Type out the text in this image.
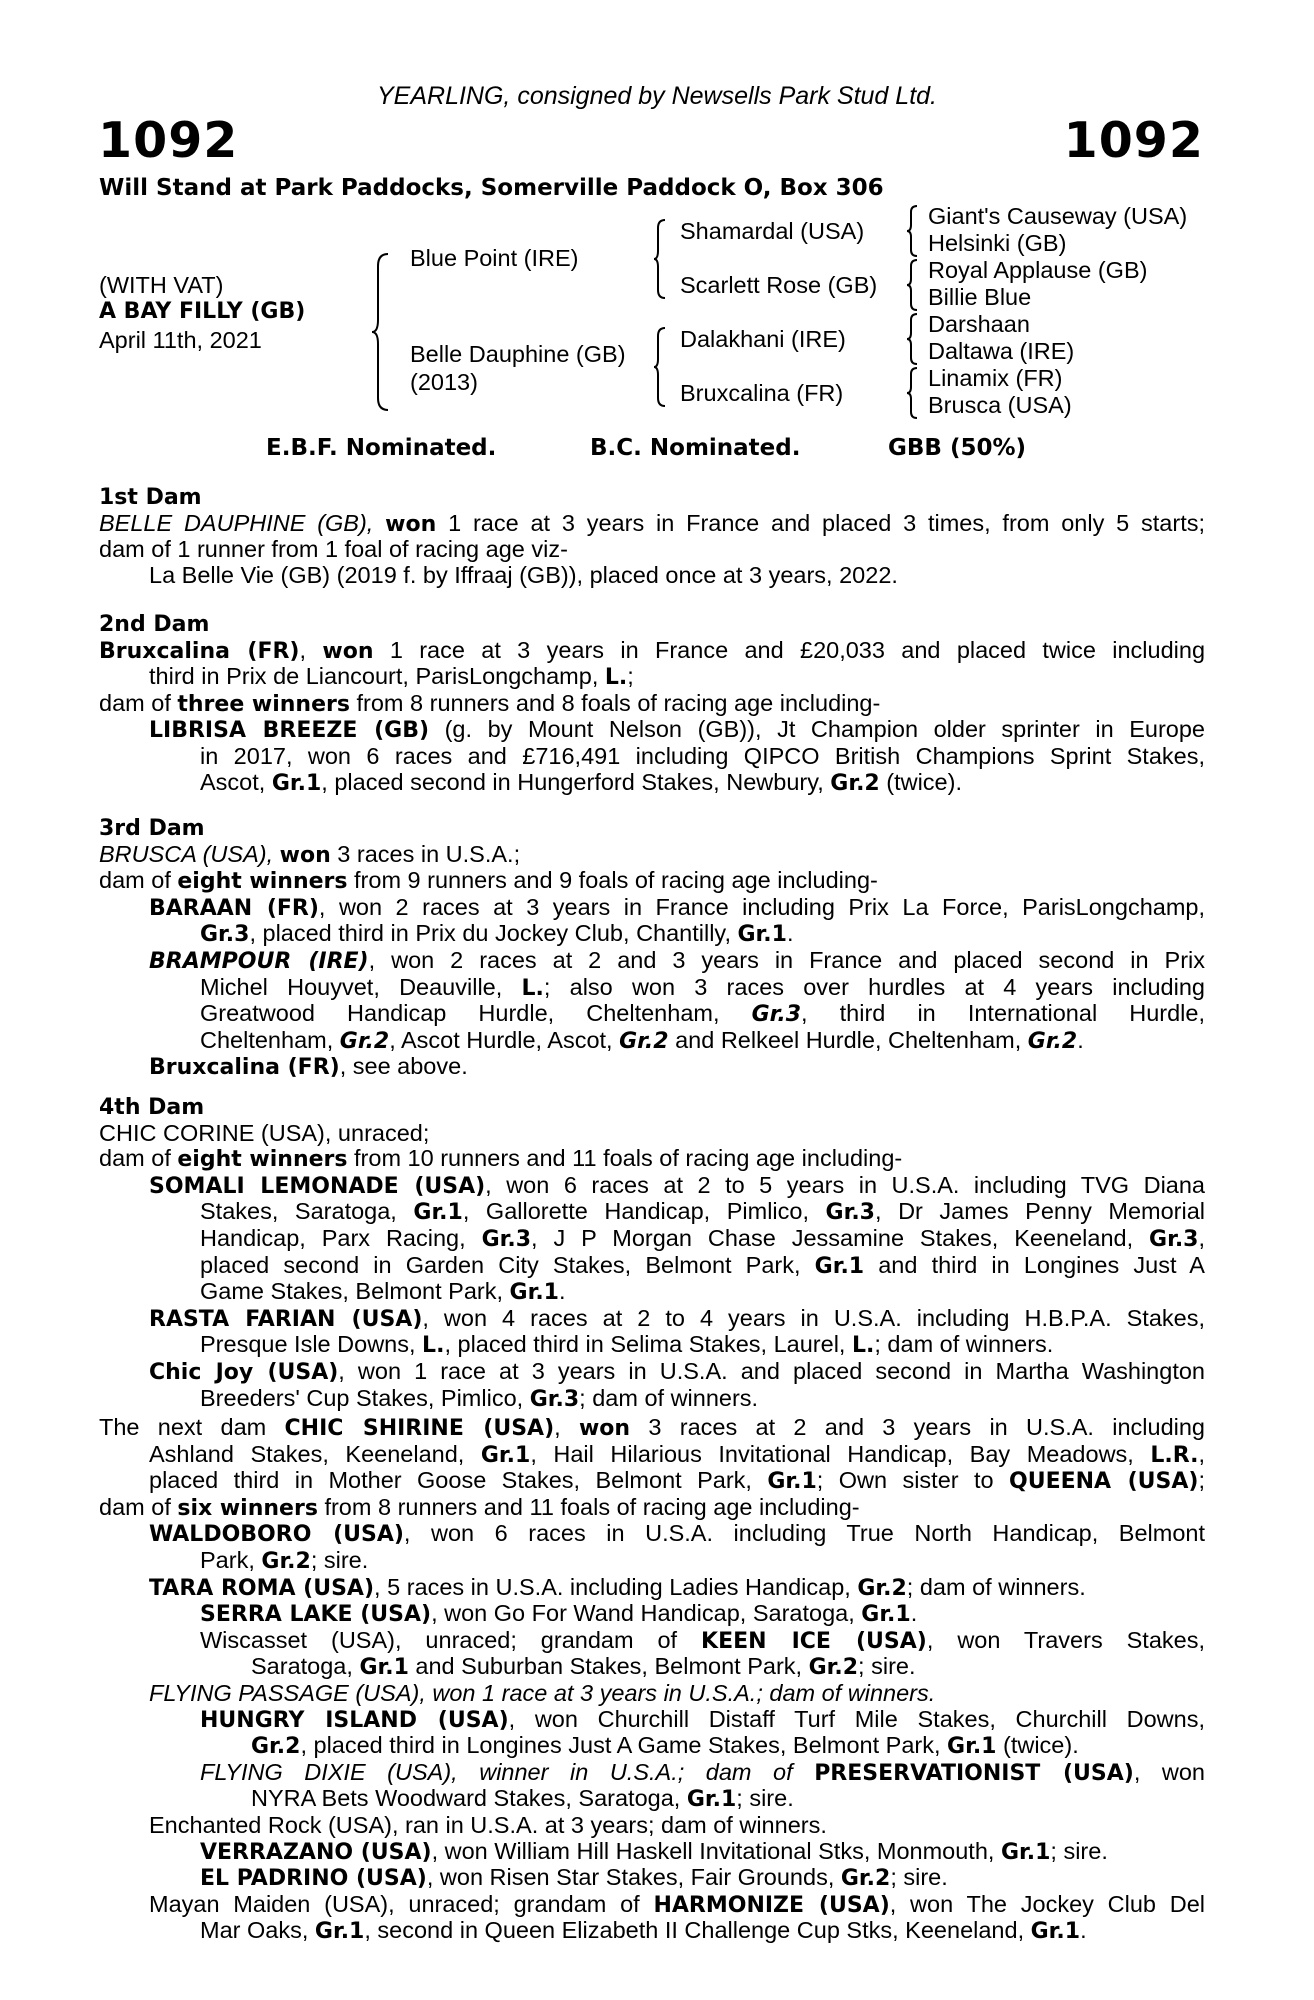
YEARLING, consigned by Newsells Park Stud Ltd.
1092	1092
Will Stand at Park Paddocks, Somerville Paddock O, Box 306
(WITH VAT)
A BAY FILLY (GB)
April 11th, 2021
Blue Point (IRE)
Belle Dauphine (GB)
(2013)
Shamardal (USA)
Scarlett Rose (GB)
Dalakhani (IRE)
Bruxcalina (FR)
Giant's Causeway (USA)
Helsinki (GB)
Royal Applause (GB)
Billie Blue
Darshaan
Daltawa (IRE)
Linamix (FR)
Brusca (USA)
E.B.F. Nominated.	B.C. Nominated.	GBB (50%)
1st Dam
BELLE DAUPHINE (GB), won 1 race at 3 years in France and placed 3 times, from only 5 starts;
dam of 1 runner from 1 foal of racing age viz-
La Belle Vie (GB) (2019 f. by Iffraaj (GB)), placed once at 3 years, 2022.
2nd Dam
Bruxcalina (FR), won 1 race at 3 years in France and £20,033 and placed twice including
third in Prix de Liancourt, ParisLongchamp, L.;
dam of three winners from 8 runners and 8 foals of racing age including-
LIBRISA BREEZE (GB) (g. by Mount Nelson (GB)), Jt Champion older sprinter in Europe
in 2017, won 6 races and £716,491 including QIPCO British Champions Sprint Stakes,
Ascot, Gr.1, placed second in Hungerford Stakes, Newbury, Gr.2 (twice).
3rd Dam
BRUSCA (USA), won 3 races in U.S.A.;
dam of eight winners from 9 runners and 9 foals of racing age including-
BARAAN (FR), won 2 races at 3 years in France including Prix La Force, ParisLongchamp,
Gr.3, placed third in Prix du Jockey Club, Chantilly, Gr.1.
BRAMPOUR (IRE), won 2 races at 2 and 3 years in France and placed second in Prix
Michel Houyvet, Deauville, L.; also won 3 races over hurdles at 4 years including
Greatwood Handicap Hurdle, Cheltenham, Gr.3, third in International Hurdle,
Cheltenham, Gr.2, Ascot Hurdle, Ascot, Gr.2 and Relkeel Hurdle, Cheltenham, Gr.2.
Bruxcalina (FR), see above.
4th Dam
CHIC CORINE (USA), unraced;
dam of eight winners from 10 runners and 11 foals of racing age including-
SOMALI LEMONADE (USA), won 6 races at 2 to 5 years in U.S.A. including TVG Diana
Stakes, Saratoga, Gr.1, Gallorette Handicap, Pimlico, Gr.3, Dr James Penny Memorial
Handicap, Parx Racing, Gr.3, J P Morgan Chase Jessamine Stakes, Keeneland, Gr.3,
placed second in Garden City Stakes, Belmont Park, Gr.1 and third in Longines Just A
Game Stakes, Belmont Park, Gr.1.
RASTA FARIAN (USA), won 4 races at 2 to 4 years in U.S.A. including H.B.P.A. Stakes,
Presque Isle Downs, L., placed third in Selima Stakes, Laurel, L.; dam of winners.
Chic Joy (USA), won 1 race at 3 years in U.S.A. and placed second in Martha Washington
Breeders' Cup Stakes, Pimlico, Gr.3; dam of winners.
The next dam CHIC SHIRINE (USA), won 3 races at 2 and 3 years in U.S.A. including
Ashland Stakes, Keeneland, Gr.1, Hail Hilarious Invitational Handicap, Bay Meadows, L.R.,
placed third in Mother Goose Stakes, Belmont Park, Gr.1; Own sister to QUEENA (USA);
dam of six winners from 8 runners and 11 foals of racing age including-
WALDOBORO (USA), won 6 races in U.S.A. including True North Handicap, Belmont
Park, Gr.2; sire.
TARA ROMA (USA), 5 races in U.S.A. including Ladies Handicap, Gr.2; dam of winners.
SERRA LAKE (USA), won Go For Wand Handicap, Saratoga, Gr.1.
Wiscasset (USA), unraced; grandam of KEEN ICE (USA), won Travers Stakes,
Saratoga, Gr.1 and Suburban Stakes, Belmont Park, Gr.2; sire.
FLYING PASSAGE (USA), won 1 race at 3 years in U.S.A.; dam of winners.
HUNGRY ISLAND (USA), won Churchill Distaff Turf Mile Stakes, Churchill Downs,
Gr.2, placed third in Longines Just A Game Stakes, Belmont Park, Gr.1 (twice).
FLYING DIXIE (USA), winner in U.S.A.; dam of PRESERVATIONIST (USA), won
NYRA Bets Woodward Stakes, Saratoga, Gr.1; sire.
Enchanted Rock (USA), ran in U.S.A. at 3 years; dam of winners.
VERRAZANO (USA), won William Hill Haskell Invitational Stks, Monmouth, Gr.1; sire.
EL PADRINO (USA), won Risen Star Stakes, Fair Grounds, Gr.2; sire.
Mayan Maiden (USA), unraced; grandam of HARMONIZE (USA), won The Jockey Club Del
Mar Oaks, Gr.1, second in Queen Elizabeth II Challenge Cup Stks, Keeneland, Gr.1.
